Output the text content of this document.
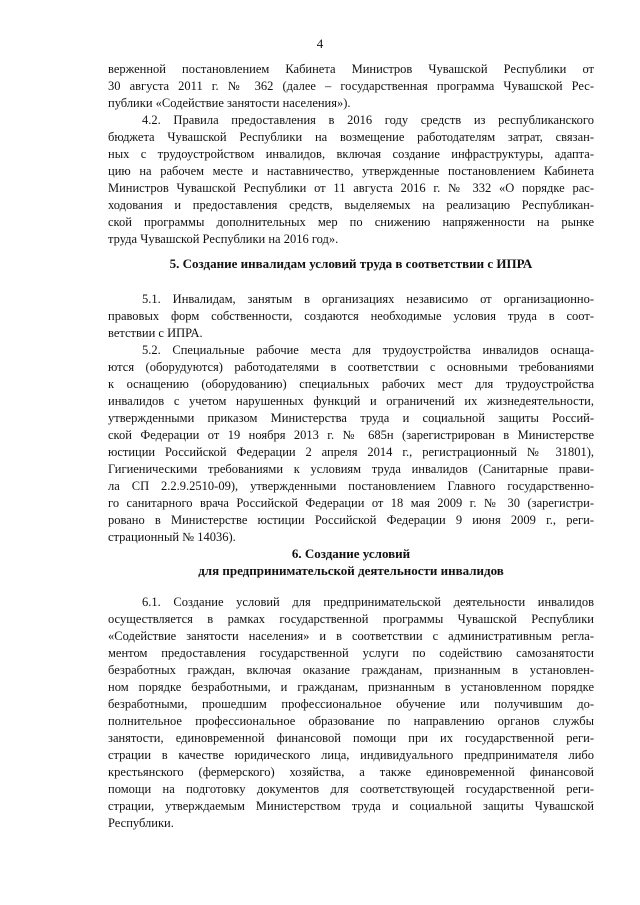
4
верженной постановлением Кабинета Министров Чувашской Республики от
30 августа 2011 г. № 362 (далее – государственная программа Чувашской Рес-
публики «Содействие занятости населения»).
4.2. Правила предоставления в 2016 году средств из республиканского
бюджета Чувашской Республики на возмещение работодателям затрат, связан-
ных с трудоустройством инвалидов, включая создание инфраструктуры, адапта-
цию на рабочем месте и наставничество, утвержденные постановлением Кабинета
Министров Чувашской Республики от 11 августа 2016 г. № 332 «О порядке рас-
ходования и предоставления средств, выделяемых на реализацию Республикан-
ской программы дополнительных мер по снижению напряженности на рынке
труда Чувашской Республики на 2016 год».
5. Создание инвалидам условий труда в соответствии с ИПРА
5.1. Инвалидам, занятым в организациях независимо от организационно-
правовых форм собственности, создаются необходимые условия труда в соот-
ветствии с ИПРА.
5.2. Специальные рабочие места для трудоустройства инвалидов оснаща-
ются (оборудуются) работодателями в соответствии с основными требованиями
к оснащению (оборудованию) специальных рабочих мест для трудоустройства
инвалидов с учетом нарушенных функций и ограничений их жизнедеятельности,
утвержденными приказом Министерства труда и социальной защиты Россий-
ской Федерации от 19 ноября 2013 г. № 685н (зарегистрирован в Министерстве
юстиции Российской Федерации 2 апреля 2014 г., регистрационный № 31801),
Гигиеническими требованиями к условиям труда инвалидов (Санитарные прави-
ла СП 2.2.9.2510-09), утвержденными постановлением Главного государственно-
го санитарного врача Российской Федерации от 18 мая 2009 г. № 30 (зарегистри-
ровано в Министерстве юстиции Российской Федерации 9 июня 2009 г., реги-
страционный № 14036).
6. Создание условий
для предпринимательской деятельности инвалидов
6.1. Создание условий для предпринимательской деятельности инвалидов
осуществляется в рамках государственной программы Чувашской Республики
«Содействие занятости населения» и в соответствии с административным регла-
ментом предоставления государственной услуги по содействию самозанятости
безработных граждан, включая оказание гражданам, признанным в установлен-
ном порядке безработными, и гражданам, признанным в установленном порядке
безработными, прошедшим профессиональное обучение или получившим до-
полнительное профессиональное образование по направлению органов службы
занятости, единовременной финансовой помощи при их государственной реги-
страции в качестве юридического лица, индивидуального предпринимателя либо
крестьянского (фермерского) хозяйства, а также единовременной финансовой
помощи на подготовку документов для соответствующей государственной реги-
страции, утверждаемым Министерством труда и социальной защиты Чувашской
Республики.
